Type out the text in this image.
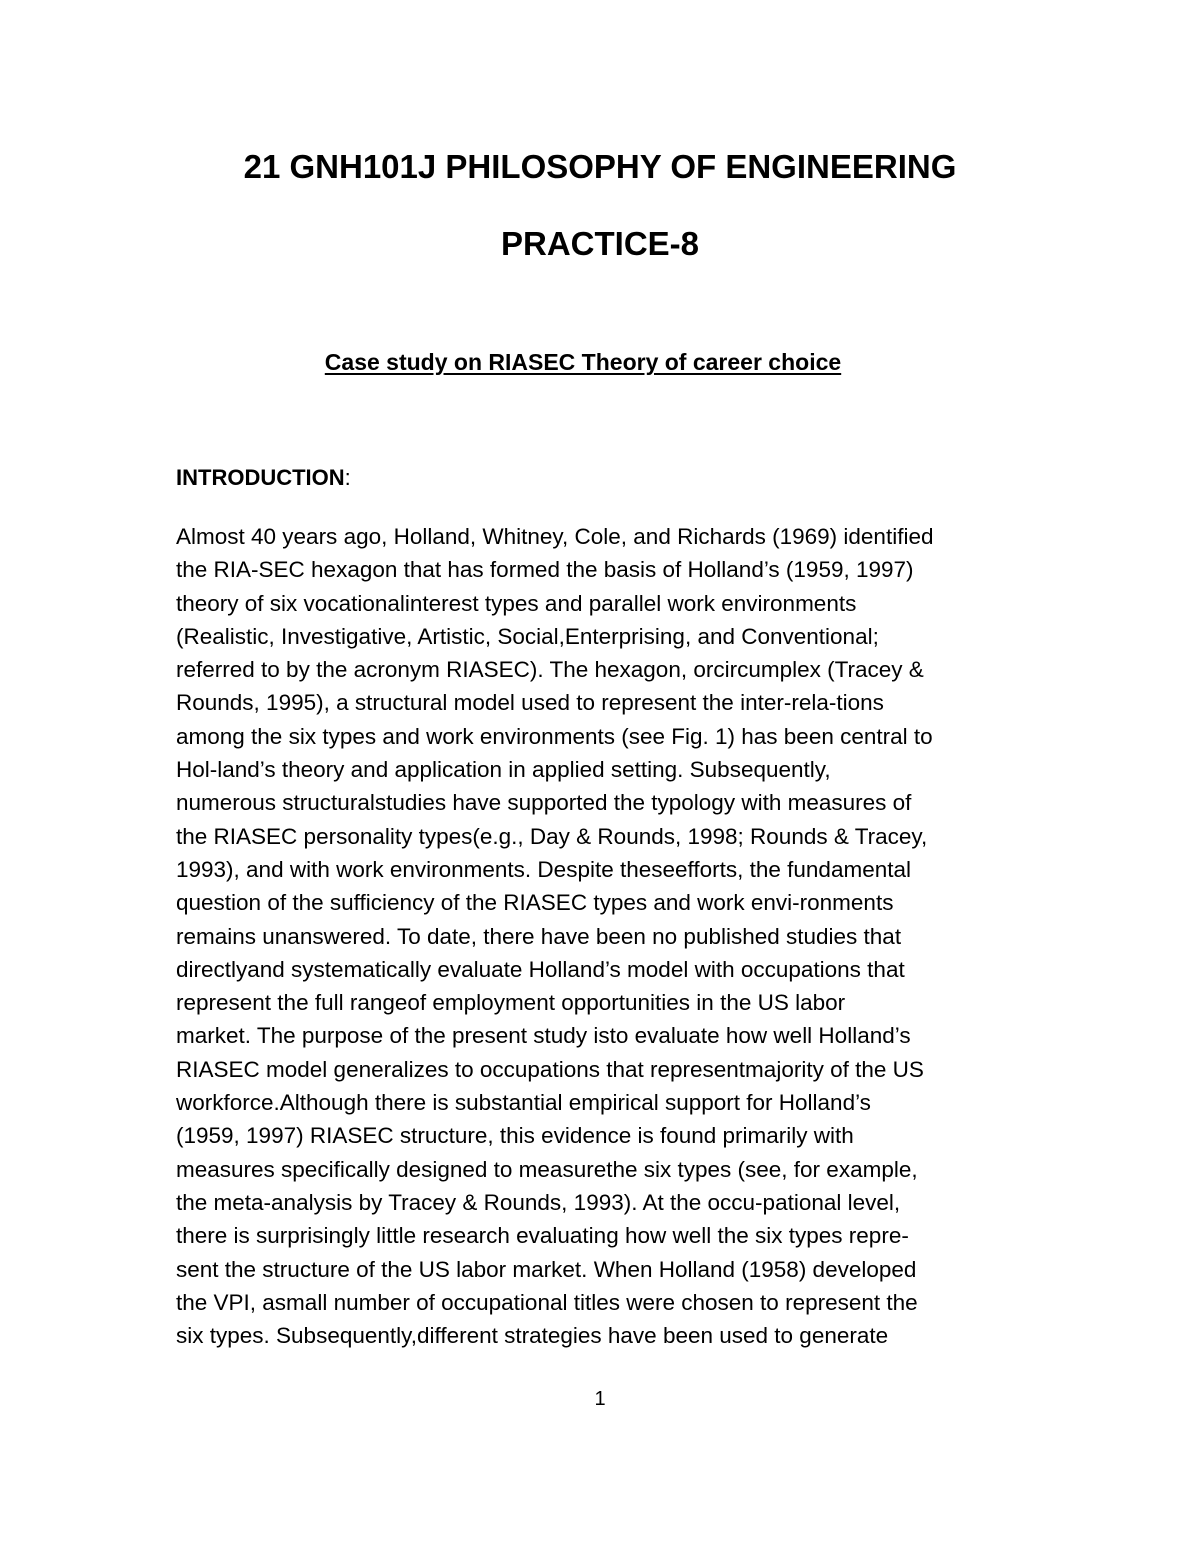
21 GNH101J PHILOSOPHY OF ENGINEERING
PRACTICE-8
Case study on RIASEC Theory of career choice
INTRODUCTION:
Almost 40 years ago, Holland, Whitney, Cole, and Richards (1969) identified
the RIA-SEC hexagon that has formed the basis of Holland’s (1959, 1997)
theory of six vocationalinterest types and parallel work environments
(Realistic, Investigative, Artistic, Social,Enterprising, and Conventional;
referred to by the acronym RIASEC). The hexagon, orcircumplex (Tracey &
Rounds, 1995), a structural model used to represent the inter-rela-tions
among the six types and work environments (see Fig. 1) has been central to
Hol-land’s theory and application in applied setting. Subsequently,
numerous structuralstudies have supported the typology with measures of
the RIASEC personality types(e.g., Day & Rounds, 1998; Rounds & Tracey,
1993), and with work environments. Despite theseefforts, the fundamental
question of the sufficiency of the RIASEC types and work envi-ronments
remains unanswered. To date, there have been no published studies that
directlyand systematically evaluate Holland’s model with occupations that
represent the full rangeof employment opportunities in the US labor
market. The purpose of the present study isto evaluate how well Holland’s
RIASEC model generalizes to occupations that representmajority of the US
workforce.Although there is substantial empirical support for Holland’s
(1959, 1997) RIASEC structure, this evidence is found primarily with
measures specifically designed to measurethe six types (see, for example,
the meta-analysis by Tracey & Rounds, 1993). At the occu-pational level,
there is surprisingly little research evaluating how well the six types repre-
sent the structure of the US labor market. When Holland (1958) developed
the VPI, asmall number of occupational titles were chosen to represent the
six types. Subsequently,different strategies have been used to generate
1
